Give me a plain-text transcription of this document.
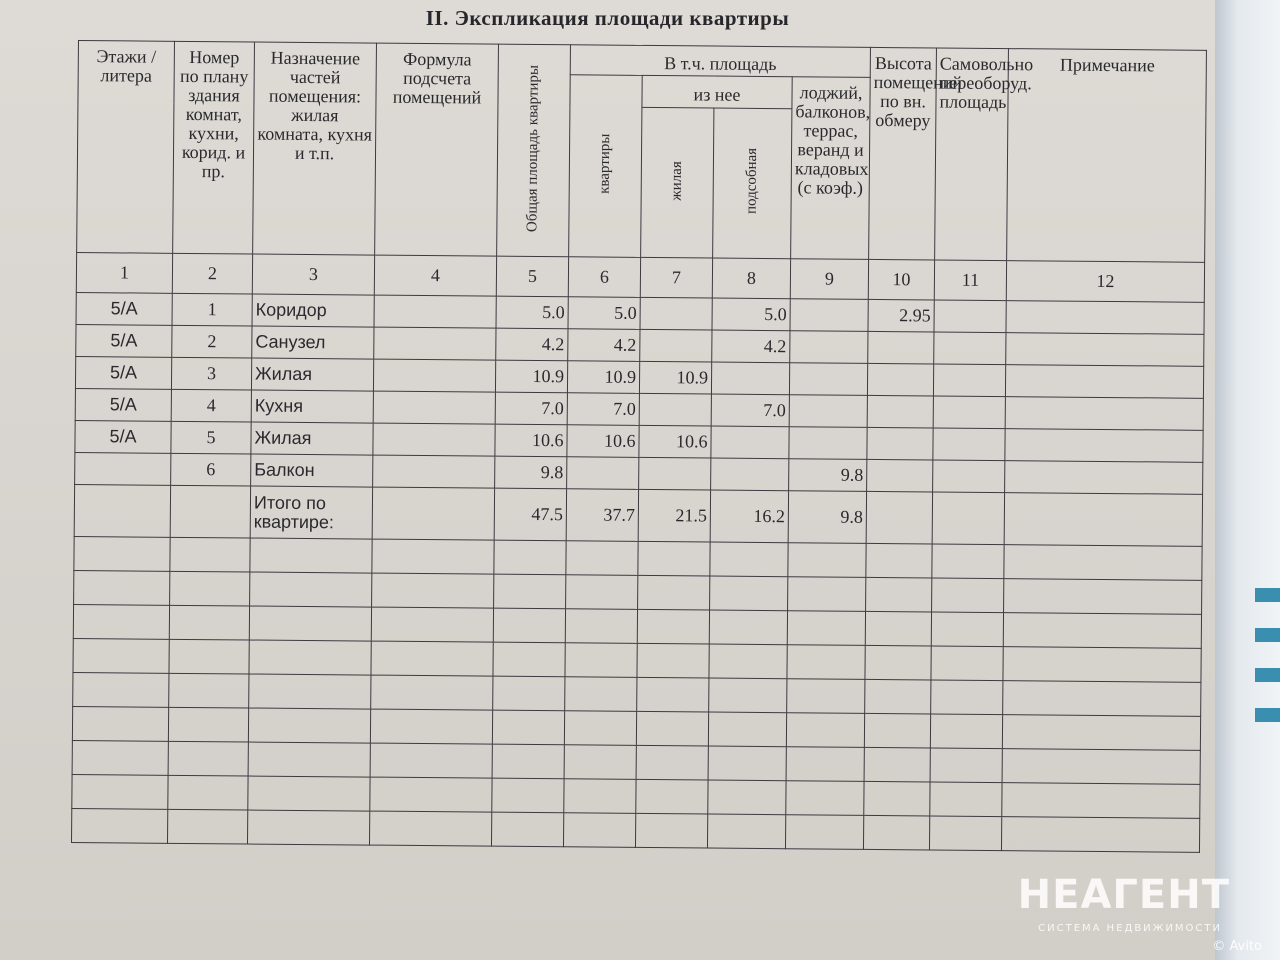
II. Экспликация площади квартиры
Этажи / литера	Номер по плану здания комнат, кухни, корид. и пр.	Назначение частей помещения: жилая комната, кухня и т.п.	Формула подсчета помещений	Общая площадь квартиры	В т.ч. площадь				Высота помещений по вн. обмеру	Самовольно переоборуд. площадь	Примечание
					квартиры	из нее		лоджий, балконов, террас, веранд и кладовых (с коэф.)			
						жилая	подсобная				
1	2	3	4	5	6	7	8	9	10	11	12
5/А	1	Коридор		5.0	5.0		5.0		2.95		
5/А	2	Санузел		4.2	4.2		4.2				
5/А	3	Жилая		10.9	10.9	10.9					
5/А	4	Кухня		7.0	7.0		7.0				
5/А	5	Жилая		10.6	10.6	10.6					
	6	Балкон		9.8				9.8			
		Итого по квартире:		47.5	37.7	21.5	16.2	9.8			

НЕАГЕНТ
СИСТЕМА НЕДВИЖИМОСТИ
© Avito
